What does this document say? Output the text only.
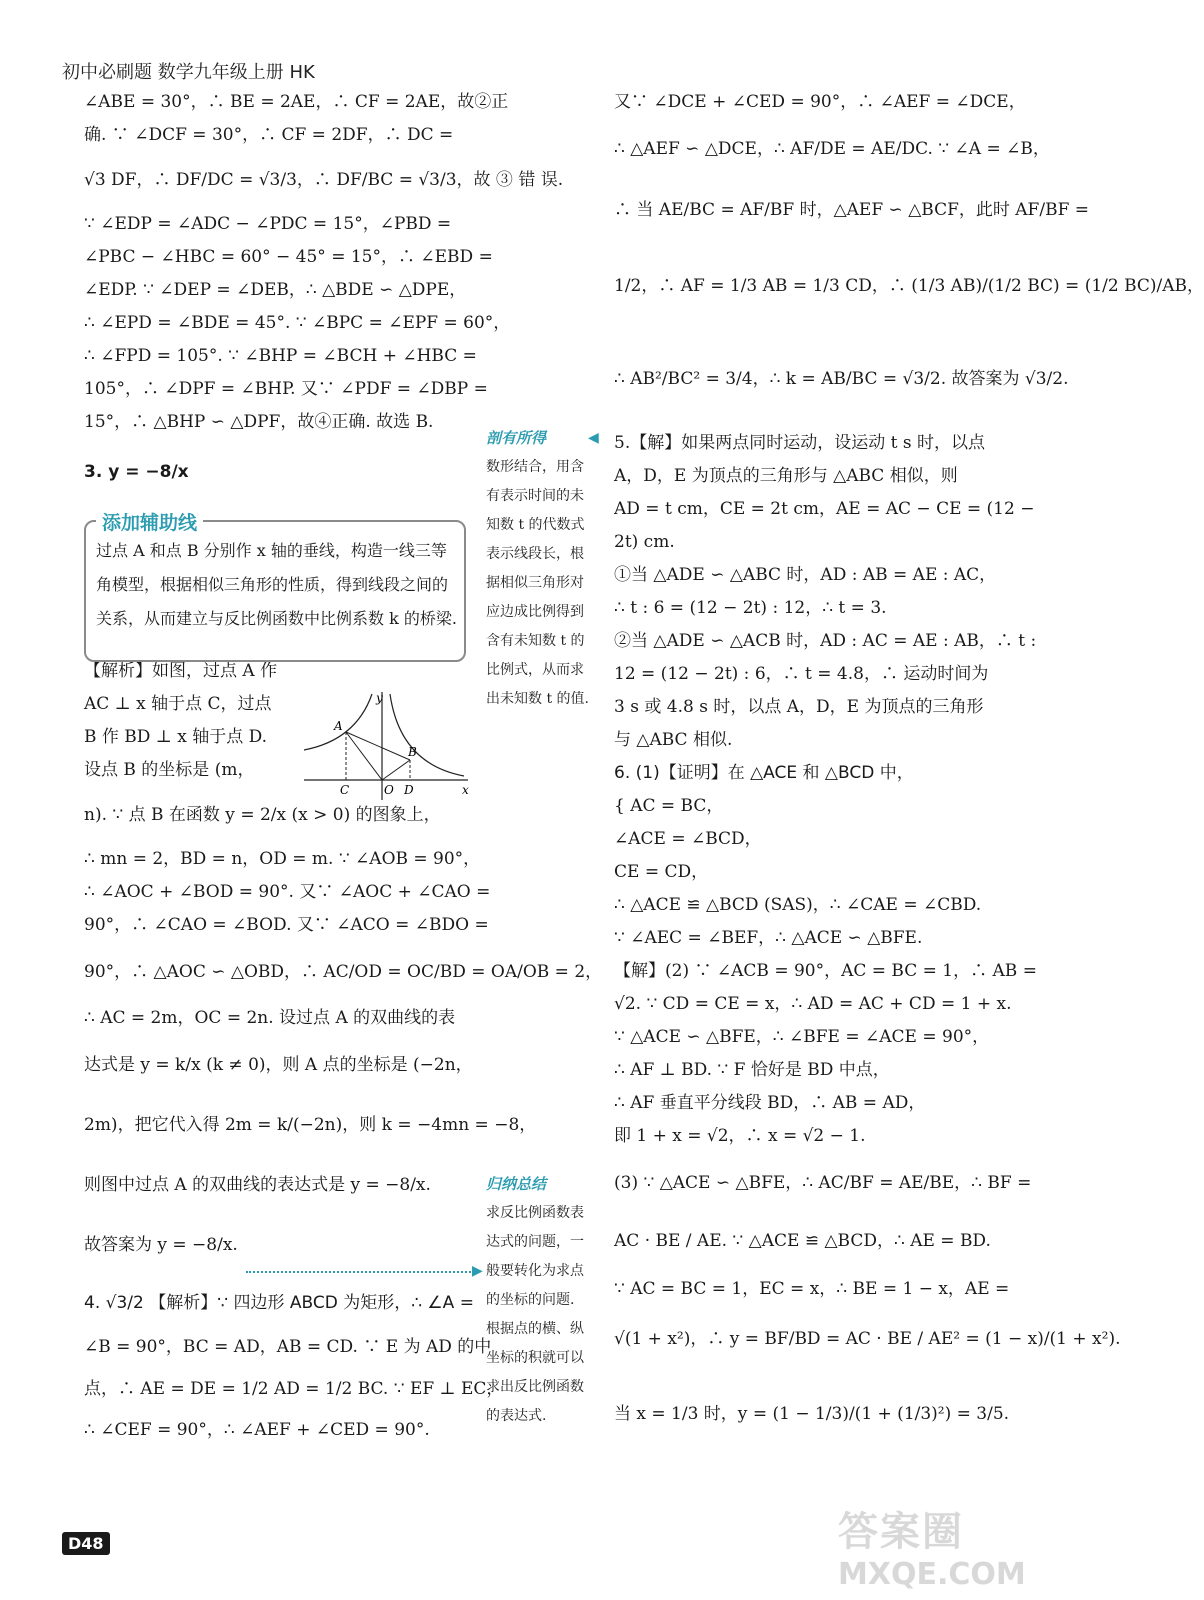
初中必刷题 数学九年级上册 HK
∠ABE = 30°，∴ BE = 2AE，∴ CF = 2AE，故②正
确. ∵ ∠DCF = 30°，∴ CF = 2DF，∴ DC =
√3 DF，∴ DF/DC = √3/3，∴ DF/BC = √3/3，故 ③ 错 误.
∵ ∠EDP = ∠ADC − ∠PDC = 15°，∠PBD =
∠PBC − ∠HBC = 60° − 45° = 15°，∴ ∠EBD =
∠EDP. ∵ ∠DEP = ∠DEB，∴ △BDE ∽ △DPE，
∴ ∠EPD = ∠BDE = 45°. ∵ ∠BPC = ∠EPF = 60°，
∴ ∠FPD = 105°. ∵ ∠BHP = ∠BCH + ∠HBC =
105°，∴ ∠DPF = ∠BHP. 又∵ ∠PDF = ∠DBP =
15°，∴ △BHP ∽ △DPF，故④正确. 故选 B.
3. y = −8/x
【解析】如图，过点 A 作
AC ⊥ x 轴于点 C，过点
B 作 BD ⊥ x 轴于点 D.
设点 B 的坐标是 (m，
n). ∵ 点 B 在函数 y = 2/x (x > 0) 的图象上，
∴ mn = 2，BD = n，OD = m. ∵ ∠AOB = 90°，
∴ ∠AOC + ∠BOD = 90°. 又∵ ∠AOC + ∠CAO =
90°，∴ ∠CAO = ∠BOD. 又∵ ∠ACO = ∠BDO =
90°，∴ △AOC ∽ △OBD，∴ AC/OD = OC/BD = OA/OB = 2，
∴ AC = 2m，OC = 2n. 设过点 A 的双曲线的表
达式是 y = k/x (k ≠ 0)，则 A 点的坐标是 (−2n，
2m)，把它代入得 2m = k/(−2n)，则 k = −4mn = −8，
则图中过点 A 的双曲线的表达式是 y = −8/x.
故答案为 y = −8/x.
4. √3/2 【解析】∵ 四边形 ABCD 为矩形，∴ ∠A =
∠B = 90°，BC = AD，AB = CD. ∵ E 为 AD 的中
点，∴ AE = DE = 1/2 AD = 1/2 BC. ∵ EF ⊥ EC，
∴ ∠CEF = 90°，∴ ∠AEF + ∠CED = 90°.
添加辅助线
过点 A 和点 B 分别作 x 轴的垂线，构造一线三等角模型，根据相似三角形的性质，得到线段之间的关系，从而建立与反比例函数中比例系数 k 的桥梁.
y
x
A
B
C	O D
剖有所得
数形结合，用含有表示时间的未知数 t 的代数式表示线段长，根据相似三角形对应边成比例得到含有未知数 t 的比例式，从而求出未知数 t 的值.
◀
归纳总结
求反比例函数表达式的问题，一般要转化为求点的坐标的问题. 根据点的横、纵坐标的积就可以求出反比例函数的表达式.
▶
又∵ ∠DCE + ∠CED = 90°，∴ ∠AEF = ∠DCE，
∴ △AEF ∽ △DCE，∴ AF/DE = AE/DC. ∵ ∠A = ∠B，
∴ 当 AE/BC = AF/BF 时，△AEF ∽ △BCF，此时 AF/BF =
1/2，∴ AF = 1/3 AB = 1/3 CD，∴ (1/3 AB)/(1/2 BC) = (1/2 BC)/AB，
∴ AB²/BC² = 3/4，∴ k = AB/BC = √3/2. 故答案为 √3/2.
5.【解】如果两点同时运动，设运动 t s 时，以点
A，D，E 为顶点的三角形与 △ABC 相似，则
AD = t cm，CE = 2t cm，AE = AC − CE = (12 −
2t) cm.
①当 △ADE ∽ △ABC 时，AD : AB = AE : AC，
∴ t : 6 = (12 − 2t) : 12，∴ t = 3.
②当 △ADE ∽ △ACB 时，AD : AC = AE : AB，∴ t :
12 = (12 − 2t) : 6，∴ t = 4.8，∴ 运动时间为
3 s 或 4.8 s 时，以点 A，D，E 为顶点的三角形
与 △ABC 相似.
6. (1)【证明】在 △ACE 和 △BCD 中，
{ AC = BC，
∠ACE = ∠BCD，
CE = CD，
∴ △ACE ≌ △BCD (SAS)，∴ ∠CAE = ∠CBD.
∵ ∠AEC = ∠BEF，∴ △ACE ∽ △BFE.
【解】(2) ∵ ∠ACB = 90°，AC = BC = 1，∴ AB =
√2. ∵ CD = CE = x，∴ AD = AC + CD = 1 + x.
∵ △ACE ∽ △BFE，∴ ∠BFE = ∠ACE = 90°，
∴ AF ⊥ BD. ∵ F 恰好是 BD 中点，
∴ AF 垂直平分线段 BD，∴ AB = AD，
即 1 + x = √2，∴ x = √2 − 1.
(3) ∵ △ACE ∽ △BFE，∴ AC/BF = AE/BE，∴ BF =
AC · BE / AE. ∵ △ACE ≌ △BCD，∴ AE = BD.
∵ AC = BC = 1，EC = x，∴ BE = 1 − x，AE =
√(1 + x²)，∴ y = BF/BD = AC · BE / AE² = (1 − x)/(1 + x²).
当 x = 1/3 时，y = (1 − 1/3)/(1 + (1/3)²) = 3/5.
D48	答案圈
MXQE.COM
